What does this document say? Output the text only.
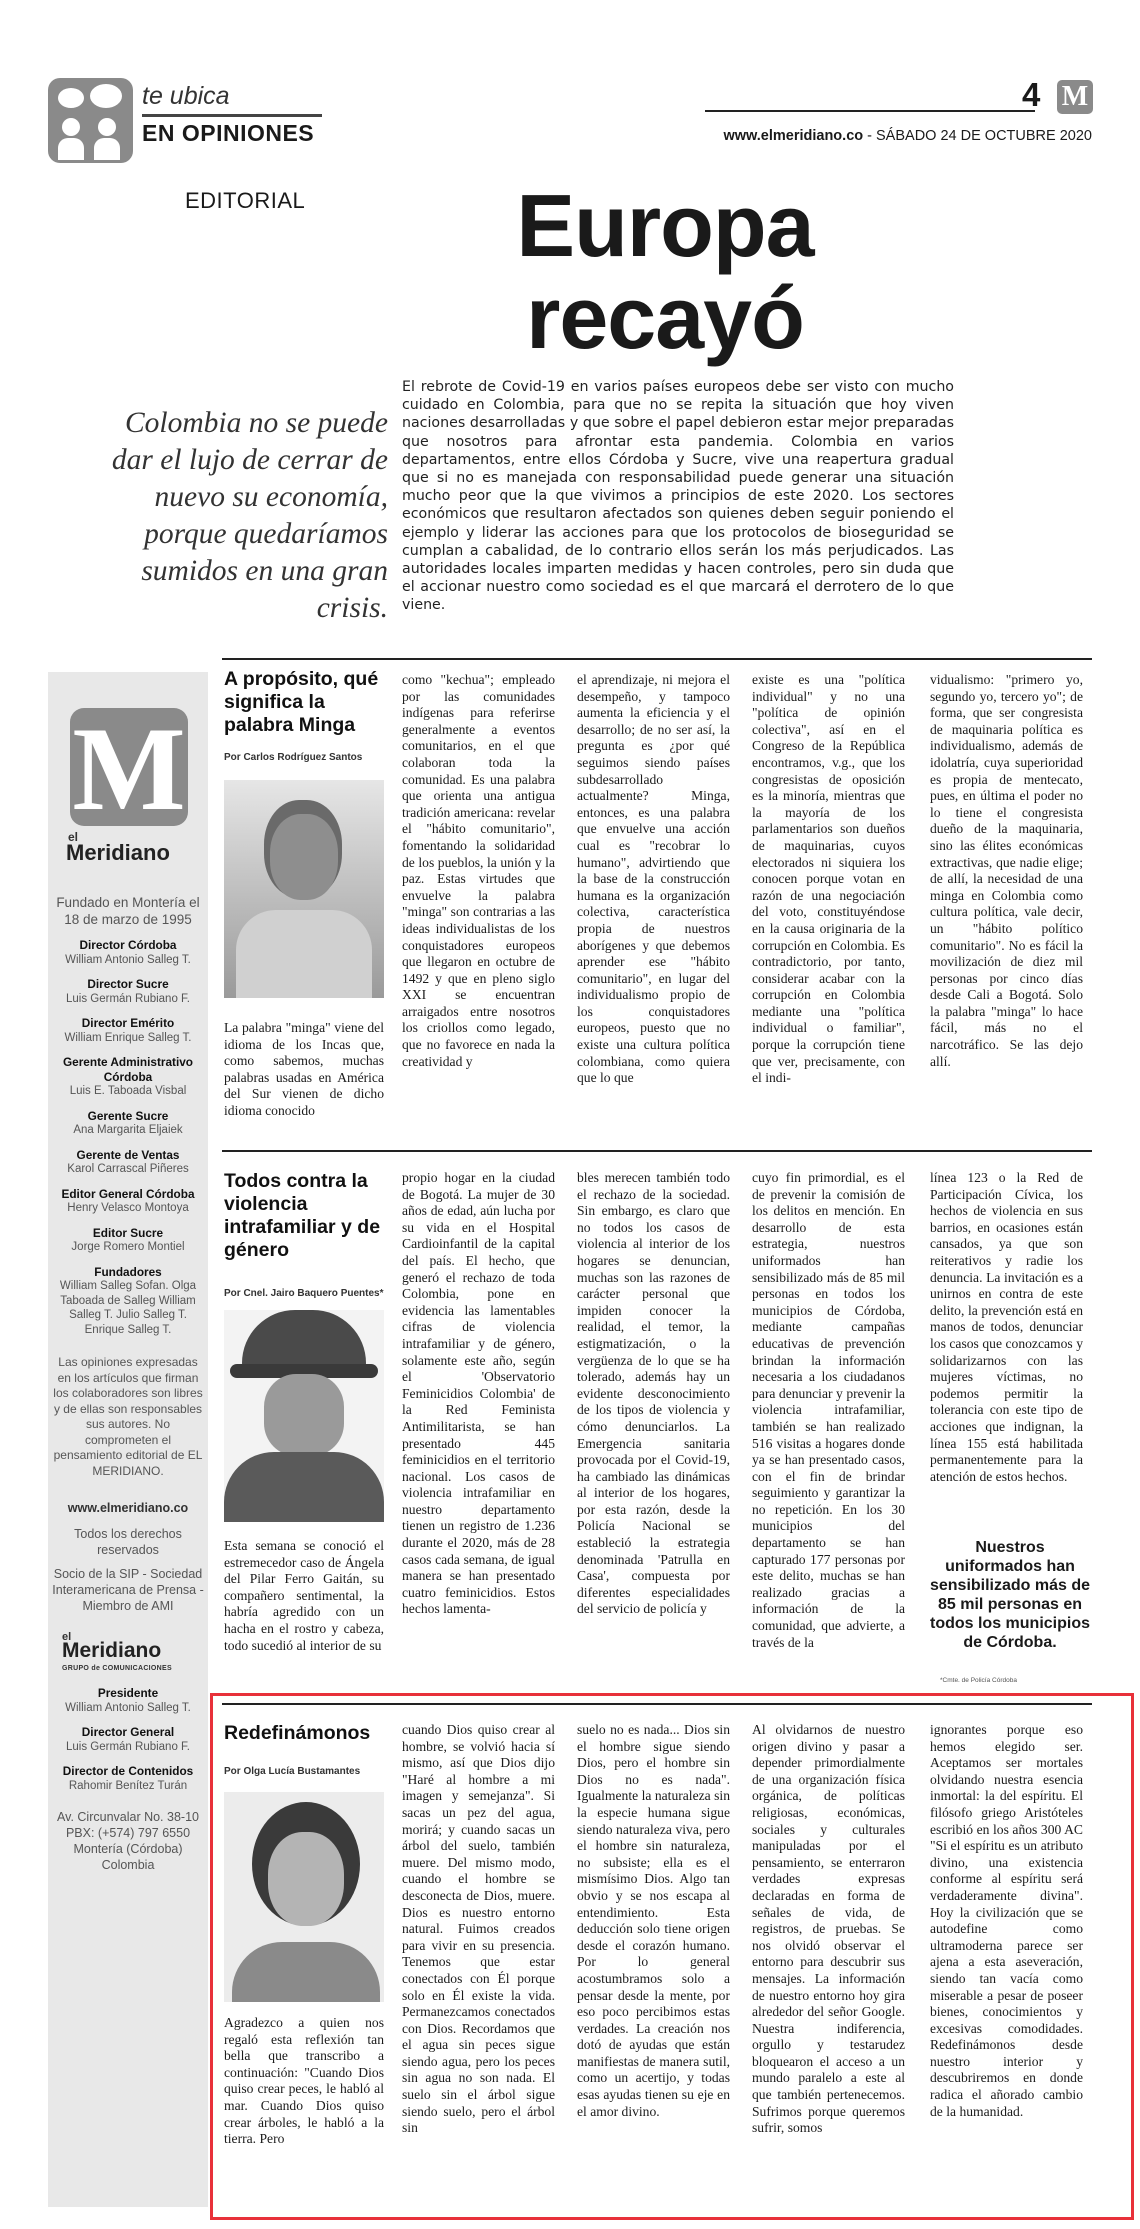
te ubica
EN OPINIONES
4 M
www.elmeridiano.co - SÁBADO 24 DE OCTUBRE 2020
EDITORIAL	Europa recayó
Colombia no se puede dar el lujo de cerrar de nuevo su economía, porque quedaríamos sumidos en una gran crisis.
El rebrote de Covid-19 en varios países europeos debe ser visto con mucho cuidado en Colombia, para que no se repita la situación que hoy viven naciones desarrolladas y que sobre el papel debieron estar mejor preparadas que nosotros para afrontar esta pandemia. Colombia en varios departamentos, entre ellos Córdoba y Sucre, vive una reapertura gradual que si no es manejada con responsabilidad puede generar una situación mucho peor que la que vivimos a principios de este 2020. Los sectores económicos que resultaron afectados son quienes deben seguir poniendo el ejemplo y liderar las acciones para que los protocolos de bioseguridad se cumplan a cabalidad, de lo contrario ellos serán los más perjudicados. Las autoridades locales imparten medidas y hacen controles, pero sin duda que el accionar nuestro como sociedad es el que marcará el derrotero de lo que viene.
M
el
Meridiano
Fundado en Montería el 18 de marzo de 1995
Director Córdoba
William Antonio Salleg T.
Director Sucre
Luis Germán Rubiano F.
Director Emérito
William Enrique Salleg T.
Gerente Administrativo Córdoba
Luis E. Taboada Visbal
Gerente Sucre
Ana Margarita Eljaiek
Gerente de Ventas
Karol Carrascal Piñeres
Editor General Córdoba
Henry Velasco Montoya
Editor Sucre
Jorge Romero Montiel
Fundadores
William Salleg Sofan. Olga Taboada de Salleg William Salleg T. Julio Salleg T. Enrique Salleg T.
Las opiniones expresadas en los artículos que firman los colaboradores son libres y de ellas son responsables sus autores. No comprometen el pensamiento editorial de EL MERIDIANO.
www.elmeridiano.co
Todos los derechos reservados
Socio de la SIP - Sociedad Interamericana de Prensa - Miembro de AMI
el
Meridiano
GRUPO de COMUNICACIONES
Presidente
William Antonio Salleg T.
Director General
Luis Germán Rubiano F.
Director de Contenidos
Rahomir Benítez Turán
Av. Circunvalar No. 38-10 PBX: (+574) 797 6550 Montería (Córdoba) Colombia
A propósito, qué significa la palabra Minga
Por Carlos Rodríguez Santos
La palabra "minga" viene del idioma de los Incas que, como sabemos, muchas palabras usadas en América del Sur vienen de dicho idioma conocido
como "kechua"; empleado por las comunidades indígenas para referirse generalmente a eventos comunitarios, en el que colaboran toda la comunidad. Es una palabra que orienta una antigua tradición americana: revelar el "hábito comunitario", fomentando la solidaridad de los pueblos, la unión y la paz. Estas virtudes que envuelve la palabra "minga" son contrarias a las ideas individualistas de los conquistadores europeos que llegaron en octubre de 1492 y que en pleno siglo XXI se encuentran arraigados entre nosotros los criollos como legado, que no favorece en nada la creatividad y
el aprendizaje, ni mejora el desempeño, y tampoco aumenta la eficiencia y el desarrollo; de no ser así, la pregunta es ¿por qué seguimos siendo países subdesarrollado actualmente? Minga, entonces, es una palabra que envuelve una acción cual es "recobrar lo humano", advirtiendo que la base de la construcción humana es la organización colectiva, característica propia de nuestros aborígenes y que debemos aprender ese "hábito comunitario", en lugar del individualismo propio de los conquistadores europeos, puesto que no existe una cultura política colombiana, como quiera que lo que
existe es una "política individual" y no una "política de opinión colectiva", así en el Congreso de la República encontramos, v.g., que los congresistas de oposición es la minoría, mientras que la mayoría de los parlamentarios son dueños de maquinarias, cuyos electorados ni siquiera los conocen porque votan en razón de una negociación del voto, constituyéndose en la causa originaria de la corrupción en Colombia. Es contradictorio, por tanto, considerar acabar con la corrupción en Colombia mediante una "política individual o familiar", porque la corrupción tiene que ver, precisamente, con el indi-
vidualismo: "primero yo, segundo yo, tercero yo"; de forma, que ser congresista de maquinaria política es individualismo, además de idolatría, cuya superioridad es propia de mentecato, pues, en última el poder no lo tiene el congresista dueño de la maquinaria, sino las élites económicas extractivas, que nadie elige; de allí, la necesidad de una minga en Colombia como cultura política, vale decir, un "hábito político comunitario". No es fácil la movilización de diez mil personas por cinco días desde Cali a Bogotá. Solo la palabra "minga" lo hace fácil, más no el narcotráfico. Se las dejo allí.
Todos contra la violencia intrafamiliar y de género
Por Cnel. Jairo Baquero Puentes*
Esta semana se conoció el estremecedor caso de Ángela del Pilar Ferro Gaitán, su compañero sentimental, la habría agredido con un hacha en el rostro y cabeza, todo sucedió al interior de su
propio hogar en la ciudad de Bogotá. La mujer de 30 años de edad, aún lucha por su vida en el Hospital Cardioinfantil de la capital del país. El hecho, que generó el rechazo de toda Colombia, pone en evidencia las lamentables cifras de violencia intrafamiliar y de género, solamente este año, según el 'Observatorio Feminicidios Colombia' de la Red Feminista Antimilitarista, se han presentado 445 feminicidios en el territorio nacional. Los casos de violencia intrafamiliar en nuestro departamento tienen un registro de 1.236 durante el 2020, más de 28 casos cada semana, de igual manera se han presentado cuatro feminicidios. Estos hechos lamenta-
bles merecen también todo el rechazo de la sociedad. Sin embargo, es claro que no todos los casos de violencia al interior de los hogares se denuncian, muchas son las razones de carácter personal que impiden conocer la realidad, el temor, la estigmatización, o la vergüenza de lo que se ha tolerado, además hay un evidente desconocimiento de los tipos de violencia y cómo denunciarlos. La Emergencia sanitaria provocada por el Covid-19, ha cambiado las dinámicas al interior de los hogares, por esta razón, desde la Policía Nacional se estableció la estrategia denominada 'Patrulla en Casa', compuesta por diferentes especialidades del servicio de policía y
cuyo fin primordial, es el de prevenir la comisión de los delitos en mención. En desarrollo de esta estrategia, nuestros uniformados han sensibilizado más de 85 mil personas en todos los municipios de Córdoba, mediante campañas educativas de prevención brindan la información necesaria a los ciudadanos para denunciar y prevenir la violencia intrafamiliar, también se han realizado 516 visitas a hogares donde ya se han presentado casos, con el fin de brindar seguimiento y garantizar la no repetición. En los 30 municipios del departamento se han capturado 177 personas por este delito, muchas se han realizado gracias a información de la comunidad, que advierte, a través de la
línea 123 o la Red de Participación Cívica, los hechos de violencia en sus barrios, en ocasiones están cansados, ya que son reiterativos y radie los denuncia. La invitación es a unirnos en contra de este delito, la prevención está en manos de todos, denunciar los casos que conozcamos y solidarizarnos con las mujeres víctimas, no podemos permitir la tolerancia con este tipo de acciones que indignan, la línea 155 está habilitada permanentemente para la atención de estos hechos.
Nuestros uniformados han sensibilizado más de 85 mil personas en todos los municipios de Córdoba.
*Cmte. de Policía Córdoba
Redefinámonos
Por Olga Lucía Bustamantes
Agradezco a quien nos regaló esta reflexión tan bella que transcribo a continuación: "Cuando Dios quiso crear peces, le habló al mar. Cuando Dios quiso crear árboles, le habló a la tierra. Pero
cuando Dios quiso crear al hombre, se volvió hacia sí mismo, así que Dios dijo "Haré al hombre a mi imagen y semejanza". Si sacas un pez del agua, morirá; y cuando sacas un árbol del suelo, también muere. Del mismo modo, cuando el hombre se desconecta de Dios, muere. Dios es nuestro entorno natural. Fuimos creados para vivir en su presencia. Tenemos que estar conectados con Él porque solo en Él existe la vida. Permanezcamos conectados con Dios. Recordamos que el agua sin peces sigue siendo agua, pero los peces sin agua no son nada. El suelo sin el árbol sigue siendo suelo, pero el árbol sin
suelo no es nada... Dios sin el hombre sigue siendo Dios, pero el hombre sin Dios no es nada". Igualmente la naturaleza sin la especie humana sigue siendo naturaleza viva, pero el hombre sin naturaleza, no subsiste; ella es el mismísimo Dios. Algo tan obvio y se nos escapa al entendimiento. Esta deducción solo tiene origen desde el corazón humano. Por lo general acostumbramos solo a pensar desde la mente, por eso poco percibimos estas verdades. La creación nos dotó de ayudas que están manifiestas de manera sutil, como un acertijo, y todas esas ayudas tienen su eje en el amor divino.
Al olvidarnos de nuestro origen divino y pasar a depender primordialmente de una organización física orgánica, de políticas religiosas, económicas, sociales y culturales manipuladas por el pensamiento, se enterraron verdades expresas declaradas en forma de señales de vida, de registros, de pruebas. Se nos olvidó observar el entorno para descubrir sus mensajes. La información de nuestro entorno hoy gira alrededor del señor Google. Nuestra indiferencia, orgullo y testarudez bloquearon el acceso a un mundo paralelo a este al que también pertenecemos. Sufrimos porque queremos sufrir, somos
ignorantes porque eso hemos elegido ser. Aceptamos ser mortales olvidando nuestra esencia inmortal: la del espíritu. El filósofo griego Aristóteles escribió en los años 300 AC "Si el espíritu es un atributo divino, una existencia conforme al espíritu será verdaderamente divina". Hoy la civilización que se autodefine como ultramoderna parece ser ajena a esta aseveración, siendo tan vacía como miserable a pesar de poseer bienes, conocimientos y excesivas comodidades. Redefinámonos desde nuestro interior y descubriremos en donde radica el añorado cambio de la humanidad.
